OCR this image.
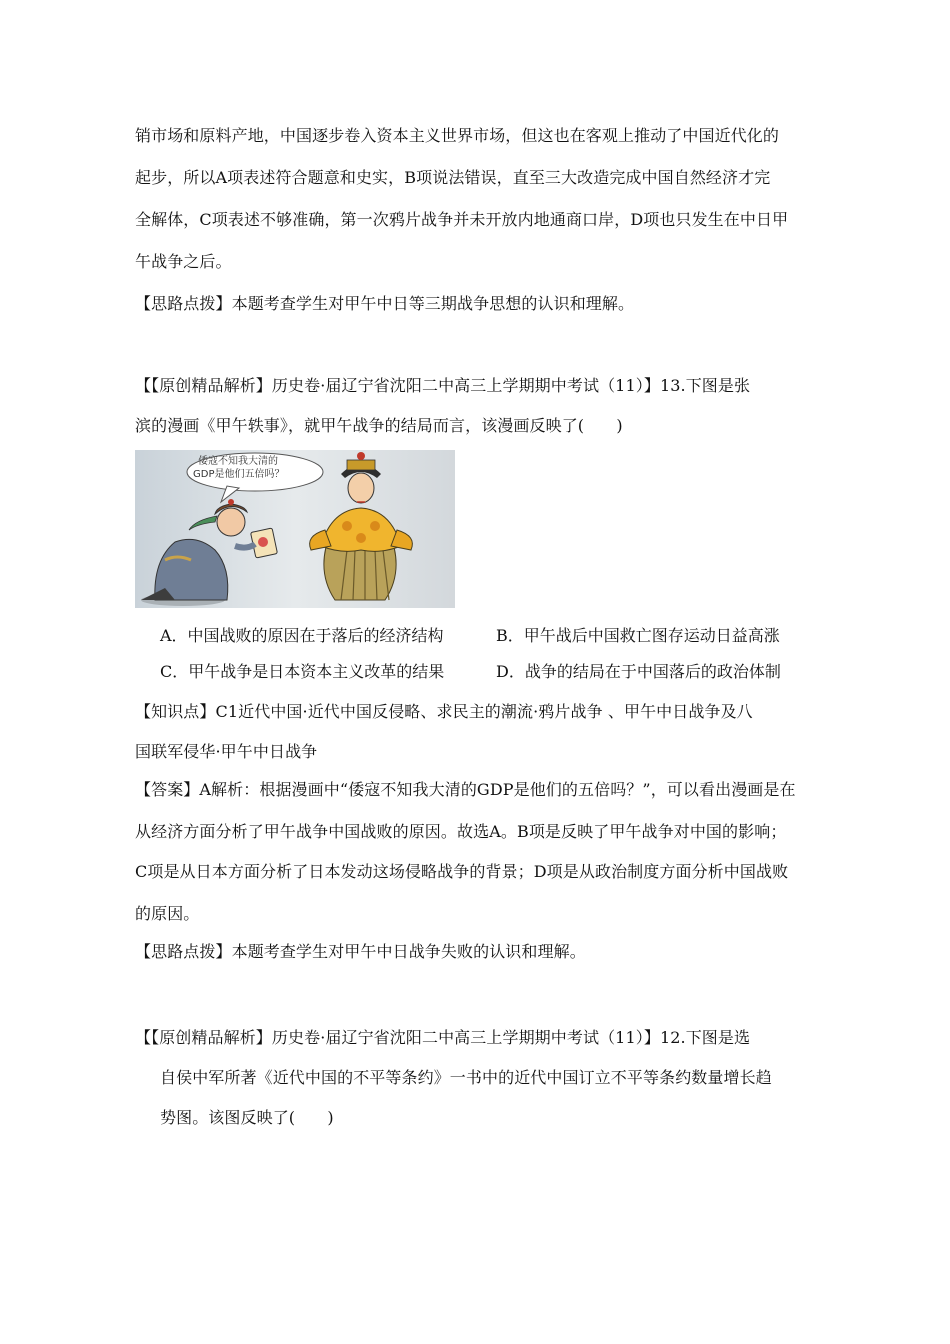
销市场和原料产地，中国逐步卷入资本主义世界市场，但这也在客观上推动了中国近代化的
起步，所以A项表述符合题意和史实，B项说法错误，直至三大改造完成中国自然经济才完
全解体，C项表述不够准确，第一次鸦片战争并未开放内地通商口岸，D项也只发生在中日甲
午战争之后。
【思路点拨】本题考查学生对甲午中日等三期战争思想的认识和理解。
【【原创精品解析】历史卷·届辽宁省沈阳二中高三上学期期中考试（11）】13.下图是张
滨的漫画《甲午轶事》，就甲午战争的结局而言，该漫画反映了(　　)
倭寇不知我大清的
GDP是他们五倍吗？
A．中国战败的原因在于落后的经济结构	B．甲午战后中国救亡图存运动日益高涨
C．甲午战争是日本资本主义改革的结果	D．战争的结局在于中国落后的政治体制
【知识点】C1近代中国·近代中国反侵略、求民主的潮流·鸦片战争 、甲午中日战争及八
国联军侵华·甲午中日战争
【答案】A解析：根据漫画中“倭寇不知我大清的GDP是他们的五倍吗？”，可以看出漫画是在
从经济方面分析了甲午战争中国战败的原因。故选A。B项是反映了甲午战争对中国的影响；
C项是从日本方面分析了日本发动这场侵略战争的背景；D项是从政治制度方面分析中国战败
的原因。
【思路点拨】本题考查学生对甲午中日战争失败的认识和理解。
【【原创精品解析】历史卷·届辽宁省沈阳二中高三上学期期中考试（11）】12.下图是选
自侯中军所著《近代中国的不平等条约》一书中的近代中国订立不平等条约数量增长趋
势图。该图反映了(　　)
